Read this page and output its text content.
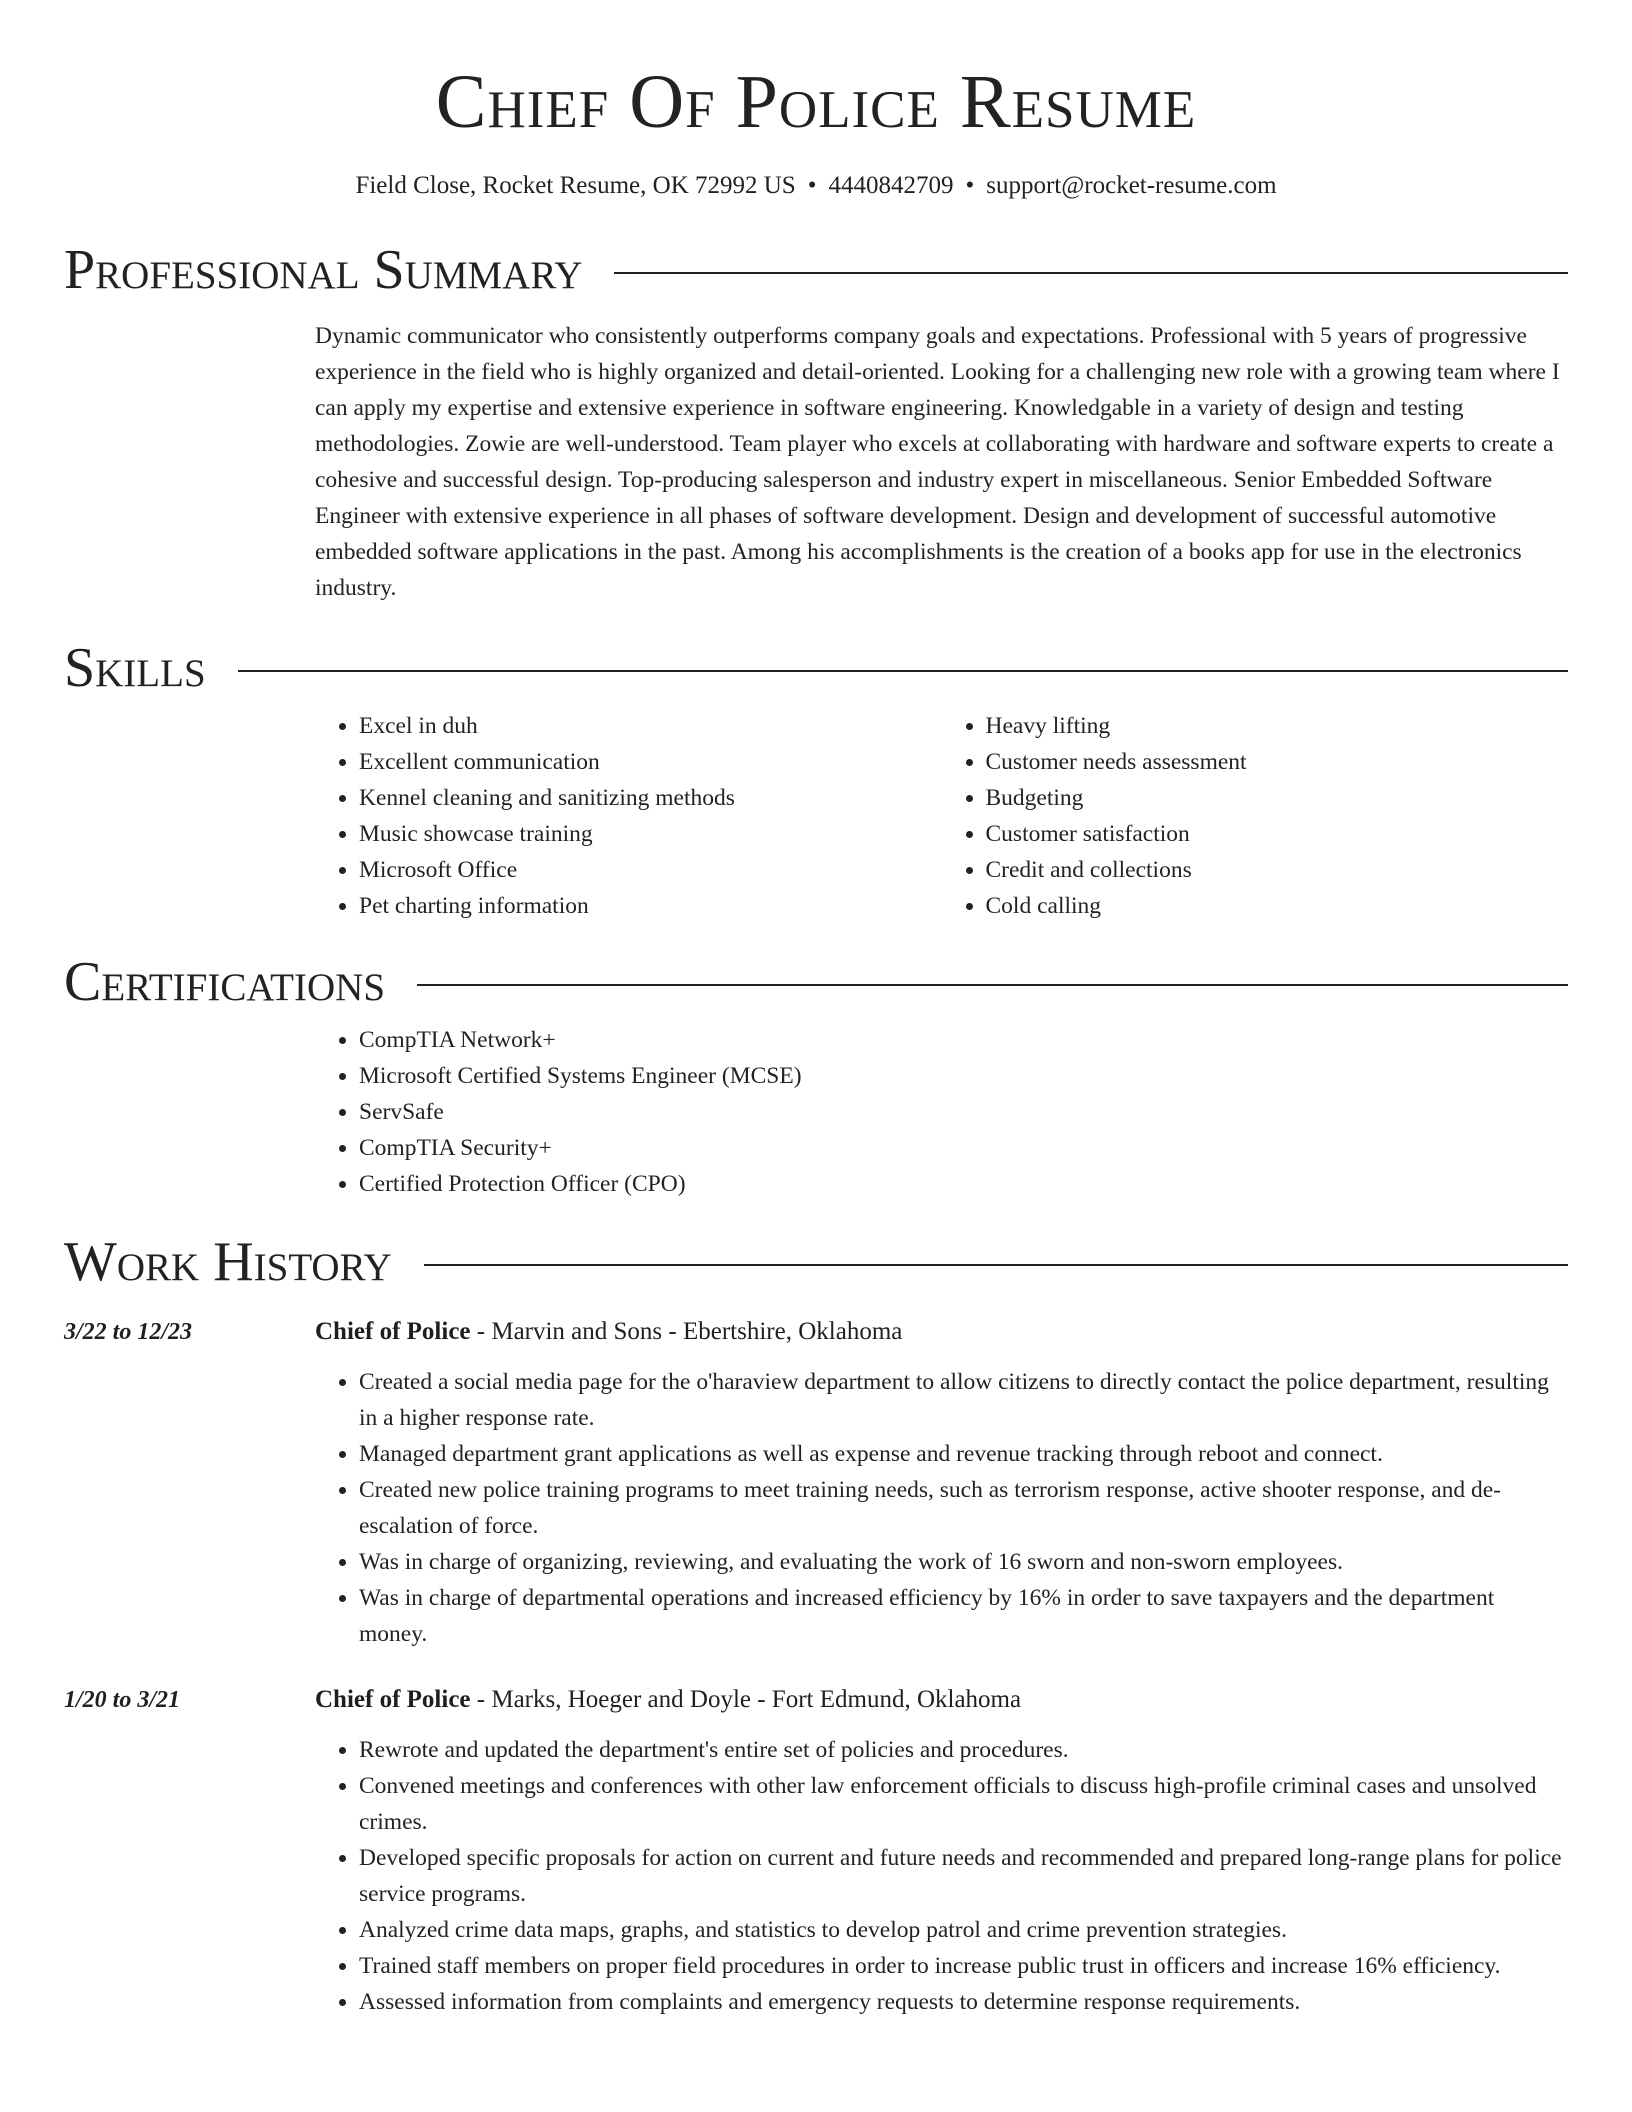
Chief Of Police Resume
Field Close, Rocket Resume, OK 72992 US • 4440842709 • support@rocket-resume.com
Professional Summary
Dynamic communicator who consistently outperforms company goals and expectations. Professional with 5 years of progressive experience in the field who is highly organized and detail-oriented. Looking for a challenging new role with a growing team where I can apply my expertise and extensive experience in software engineering. Knowledgable in a variety of design and testing methodologies. Zowie are well-understood. Team player who excels at collaborating with hardware and software experts to create a cohesive and successful design. Top-producing salesperson and industry expert in miscellaneous. Senior Embedded Software Engineer with extensive experience in all phases of software development. Design and development of successful automotive embedded software applications in the past. Among his accomplishments is the creation of a books app for use in the electronics industry.
Skills
• Excel in duh
• Excellent communication
• Kennel cleaning and sanitizing methods
• Music showcase training
• Microsoft Office
• Pet charting information
• Heavy lifting
• Customer needs assessment
• Budgeting
• Customer satisfaction
• Credit and collections
• Cold calling
Certifications
• CompTIA Network+
• Microsoft Certified Systems Engineer (MCSE)
• ServSafe
• CompTIA Security+
• Certified Protection Officer (CPO)
Work History
3/22 to 12/23	Chief of Police - Marvin and Sons - Ebertshire, Oklahoma
• Created a social media page for the o'haraview department to allow citizens to directly contact the police department, resulting in a higher response rate.
• Managed department grant applications as well as expense and revenue tracking through reboot and connect.
• Created new police training programs to meet training needs, such as terrorism response, active shooter response, and de-escalation of force.
• Was in charge of organizing, reviewing, and evaluating the work of 16 sworn and non-sworn employees.
• Was in charge of departmental operations and increased efficiency by 16% in order to save taxpayers and the department money.
1/20 to 3/21	Chief of Police - Marks, Hoeger and Doyle - Fort Edmund, Oklahoma
• Rewrote and updated the department's entire set of policies and procedures.
• Convened meetings and conferences with other law enforcement officials to discuss high-profile criminal cases and unsolved crimes.
• Developed specific proposals for action on current and future needs and recommended and prepared long-range plans for police service programs.
• Analyzed crime data maps, graphs, and statistics to develop patrol and crime prevention strategies.
• Trained staff members on proper field procedures in order to increase public trust in officers and increase 16% efficiency.
• Assessed information from complaints and emergency requests to determine response requirements.
